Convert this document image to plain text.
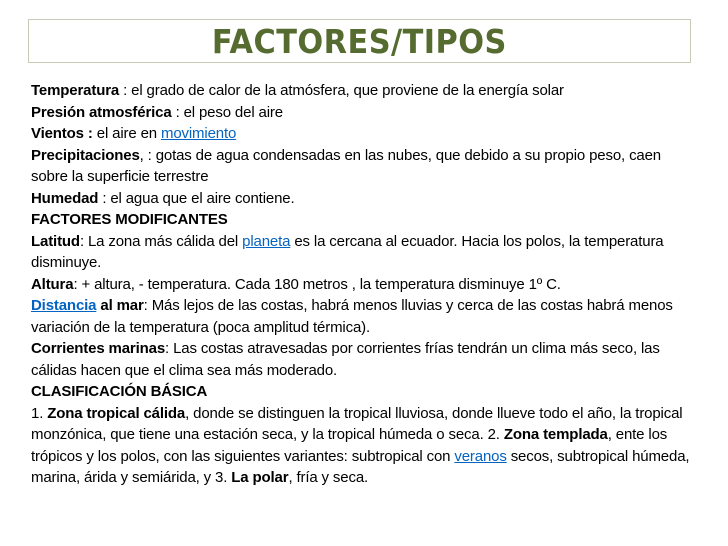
FACTORES/TIPOS

Temperatura : el grado de calor de la atmósfera, que proviene de la energía solar

Presión atmosférica : el peso del aire

Vientos : el aire en movimiento

Precipitaciones, : gotas de agua condensadas en las nubes, que debido a su propio peso, caen sobre la superficie terrestre

Humedad : el agua que el aire contiene.

FACTORES MODIFICANTES

Latitud: La zona más cálida del planeta es la cercana al ecuador. Hacia los polos, la temperatura disminuye.

Altura: + altura, - temperatura. Cada 180 metros , la temperatura disminuye 1º C.

Distancia al mar: Más lejos de las costas, habrá menos lluvias y cerca de las costas habrá menos variación de la temperatura (poca amplitud térmica).

Corrientes marinas: Las costas atravesadas por corrientes frías tendrán un clima más seco, las cálidas hacen que el clima sea más moderado.

CLASIFICACIÓN BÁSICA

1. Zona tropical cálida, donde se distinguen la tropical lluviosa, donde llueve todo el año, la tropical monzónica, que tiene una estación seca, y la tropical húmeda o seca. 2. Zona templada, ente los trópicos y los polos, con las siguientes variantes: subtropical con veranos secos, subtropical húmeda, marina, árida y semiárida, y 3. La polar, fría y seca.
